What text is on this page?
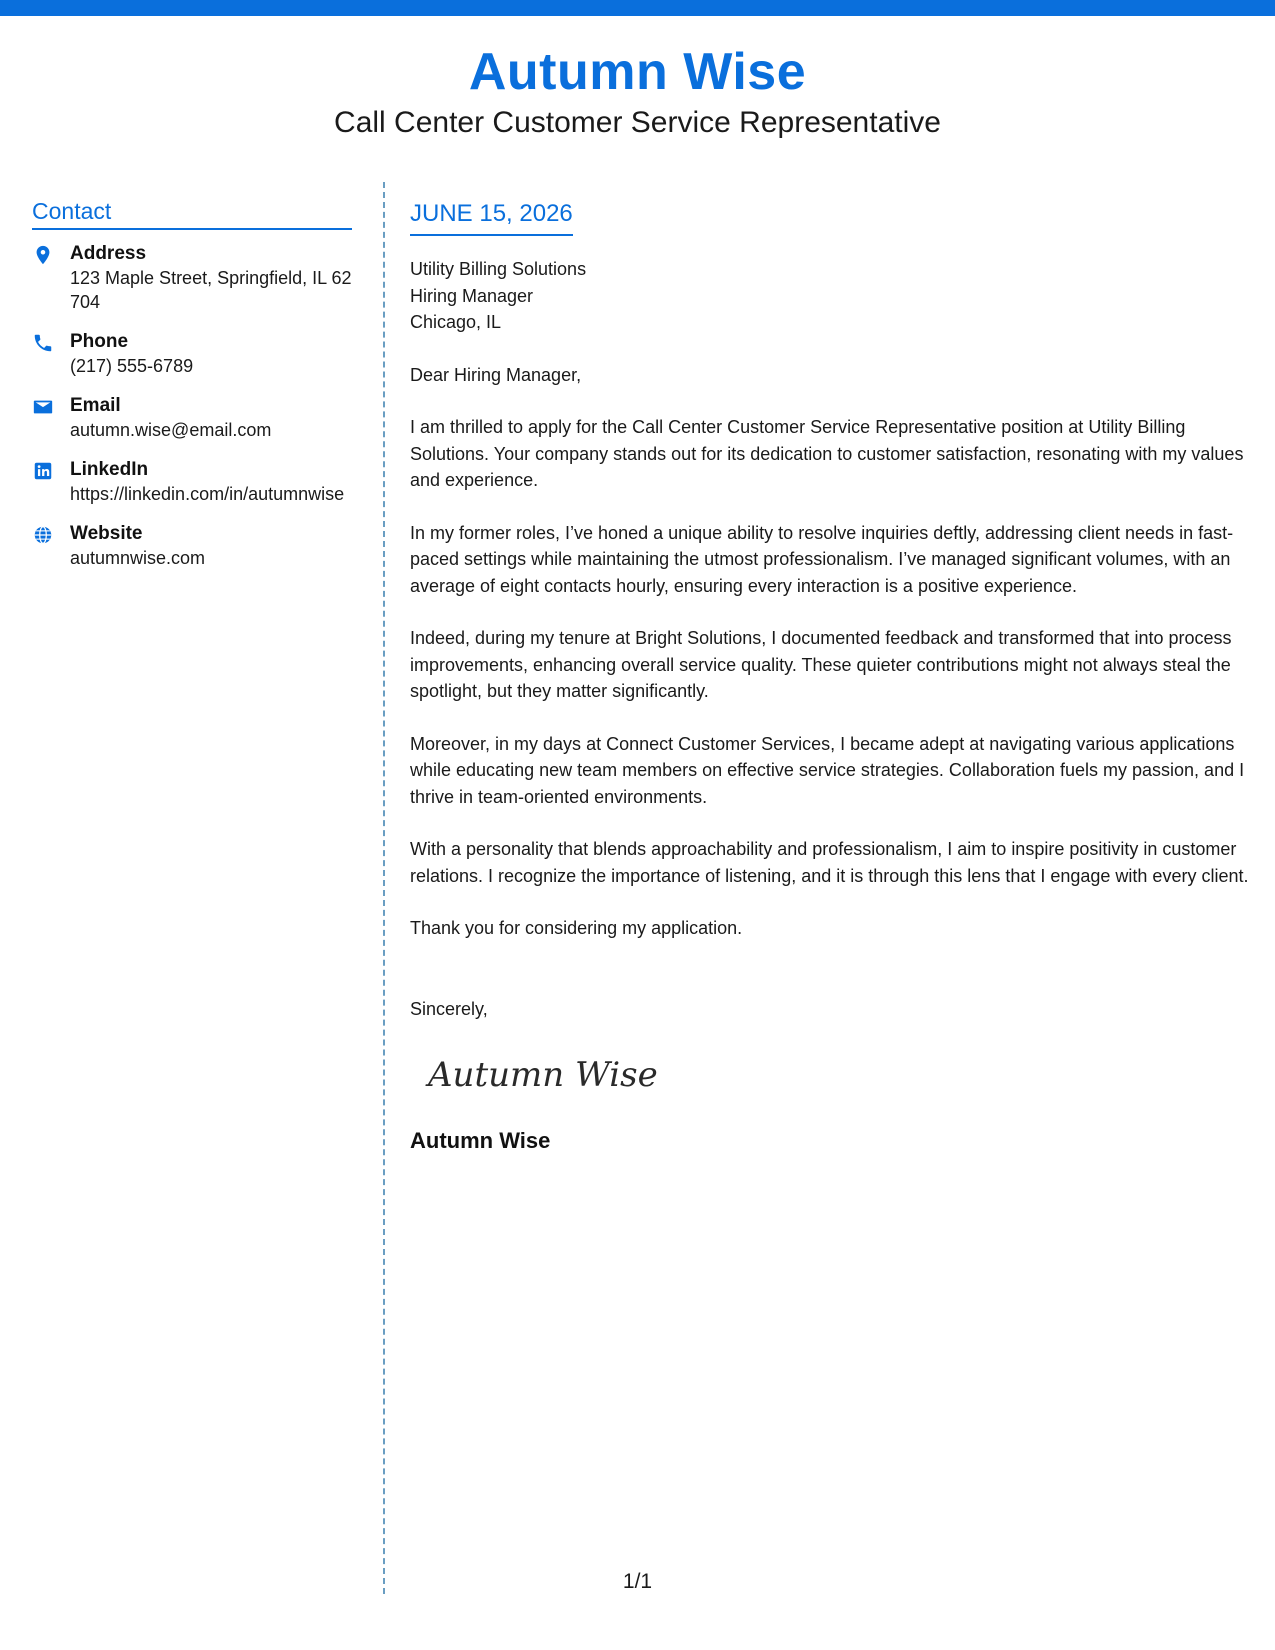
Autumn Wise
Call Center Customer Service Representative
Contact
Address
123 Maple Street, Springfield, IL 62704
Phone
(217) 555-6789
Email
autumn.wise@email.com
LinkedIn
https://linkedin.com/in/autumnwise
Website
autumnwise.com
JUNE 15, 2026
Utility Billing Solutions
Hiring Manager
Chicago, IL
Dear Hiring Manager,
I am thrilled to apply for the Call Center Customer Service Representative position at Utility Billing Solutions. Your company stands out for its dedication to customer satisfaction, resonating with my values and experience.
In my former roles, I’ve honed a unique ability to resolve inquiries deftly, addressing client needs in fast-paced settings while maintaining the utmost professionalism. I’ve managed significant volumes, with an average of eight contacts hourly, ensuring every interaction is a positive experience.
Indeed, during my tenure at Bright Solutions, I documented feedback and transformed that into process improvements, enhancing overall service quality. These quieter contributions might not always steal the spotlight, but they matter significantly.
Moreover, in my days at Connect Customer Services, I became adept at navigating various applications while educating new team members on effective service strategies. Collaboration fuels my passion, and I thrive in team-oriented environments.
With a personality that blends approachability and professionalism, I aim to inspire positivity in customer relations. I recognize the importance of listening, and it is through this lens that I engage with every client.
Thank you for considering my application.
Sincerely,
Autumn Wise
Autumn Wise
1/1
